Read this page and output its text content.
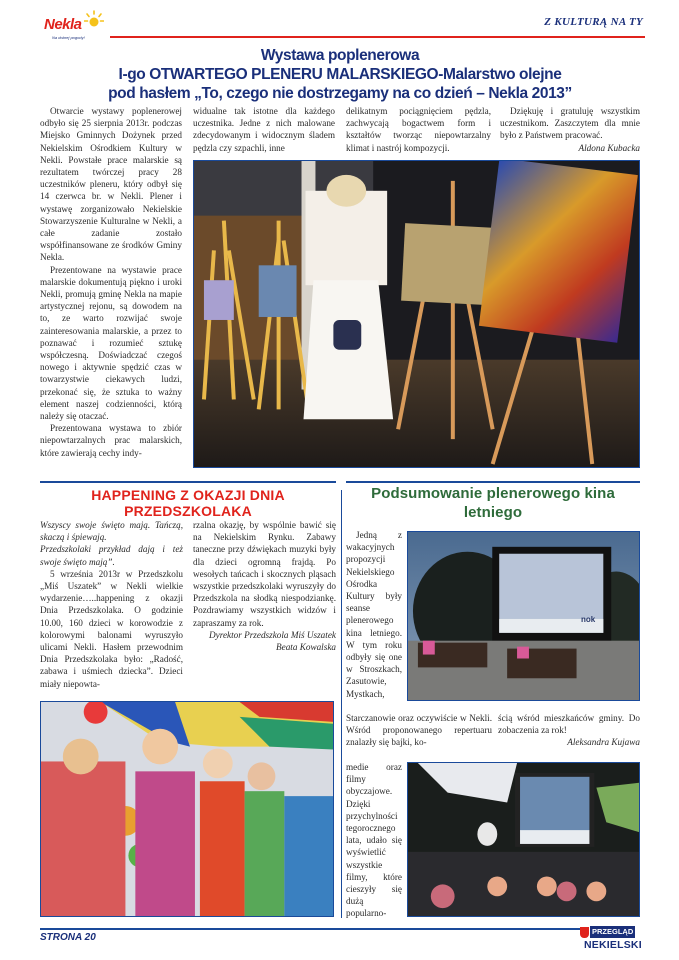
Nekla
Na dobrej pogody!
Z KULTURĄ NA TY
Wystawa poplenerowa
I-go OTWARTEGO PLENERU MALARSKIEGO-Malarstwo olejne
pod hasłem „To, czego nie dostrzegamy na co dzień – Nekla 2013”

Otwarcie wystawy poplenerowej odbyło się 25 sierpnia 2013r. podczas Miejsko Gminnych Dożynek przed Nekielskim Ośrodkiem Kultury w Nekli. Powstałe prace malarskie są rezultatem twórczej pracy 28 uczestników pleneru, który odbył się 14 czerwca br. w Nekli. Plener i wystawę zorganizowało Nekielskie Stowarzyszenie Kulturalne w Nekli, a całe zadanie zostało współfinansowane ze środków Gminy Nekla.

Prezentowane na wystawie prace malarskie dokumentują piękno i uroki Nekli, promują gminę Nekla na mapie artystycznej rejonu, są dowodem na to, ze warto rozwijać swoje zainteresowania malarskie, a przez to poznawać i rozumieć sztukę współczesną. Doświadczać czegoś nowego i aktywnie spędzić czas w towarzystwie ciekawych ludzi, przekonać się, że sztuka to ważny element naszej codzienności, którą należy się otaczać.

Prezentowana wystawa to zbiór niepowtarzalnych prac malarskich, które zawierają cechy indy-

widualne tak istotne dla każdego uczestnika. Jedne z nich malowane zdecydowanym i widocznym śladem pędzla czy szpachli, inne

delikatnym pociągnięciem pędzla, zachwycają bogactwem form i kształtów tworząc niepowtarzalny klimat i nastrój kompozycji.

Dziękuję i gratuluję wszystkim uczestnikom. Zaszczytem dla mnie było z Państwem pracować.

Aldona Kubacka
HAPPENING Z OKAZJI DNIA
PRZEDSZKOLAKA

Wszyscy swoje święto mają. Tańczą, skaczą i śpiewają.

Przedszkolaki przykład dają i też swoje święto mają”.

5 września 2013r w Przedszkolu „Miś Uszatek” w Nekli wielkie wydarzenie…..happening z okazji Dnia Przedszkolaka. O godzinie 10.00, 160 dzieci w korowodzie z kolorowymi balonami wyruszyło ulicami Nekli. Hasłem przewodnim Dnia Przedszkolaka było: „Radość, zabawa i uśmiech dziecka”. Dzieci miały niepowta-

rzalna okazję, by wspólnie bawić się na Nekielskim Rynku. Zabawy taneczne przy dźwiękach muzyki były dla dzieci ogromną frajdą. Po wesołych tańcach i skocznych pląsach wszystkie przedszkolaki wyruszyły do Przedszkola na słodką niespodziankę. Pozdrawiamy wszystkich widzów i zapraszamy za rok.

Dyrektor Przedszkola Miś Uszatek
Beata Kowalska
Podsumowanie plenerowego kina
letniego

Jedną z wakacyjnych propozycji Nekielskiego Ośrodka Kultury były seanse plenerowego kina letniego. W tym roku odbyły się one w Stroszkach, Zasutowie, Mystkach,

Starczanowie oraz oczywiście w Nekli. Wśród proponowanego repertuaru znalazły się bajki, ko-

medie oraz filmy obyczajowe. Dzięki przychylności tegorocznego lata, udało się wyświetlić wszystkie filmy, które cieszyły się dużą popularno-

ścią wśród mieszkańców gminy. Do zobaczenia za rok!

Aleksandra Kujawa
nok
STRONA 20
PRZEGLĄD
NEKIELSKI
